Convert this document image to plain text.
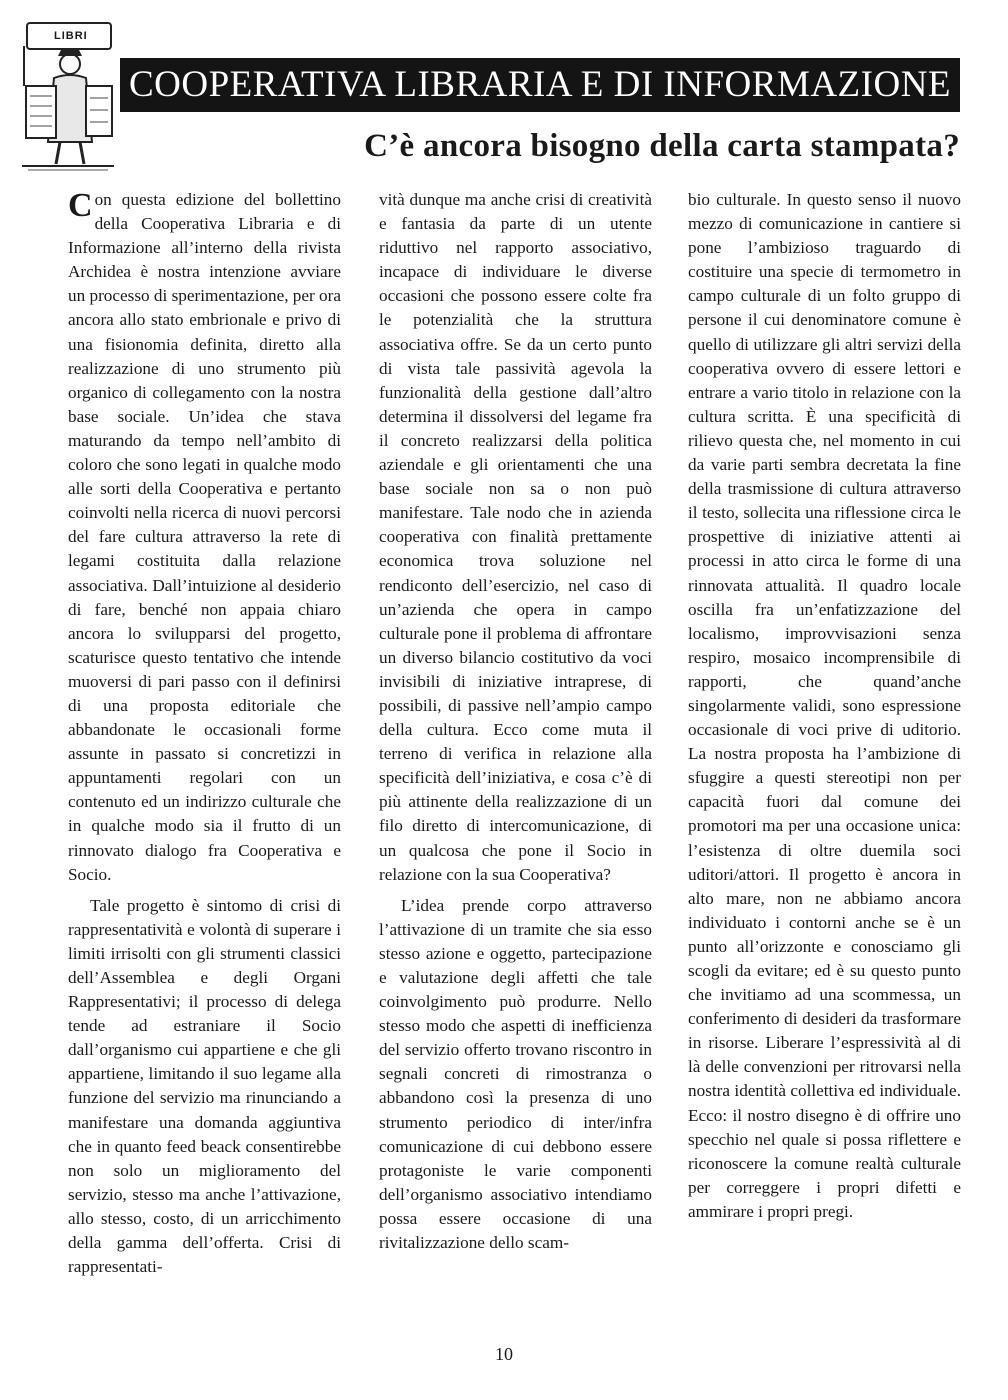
LIBRI
COOPERATIVA LIBRARIA E DI INFORMAZIONE
C’è ancora bisogno della carta stampata?

Con questa edizione del bollettino della Cooperativa Libraria e di Informazione all’interno della rivista Archidea è nostra intenzione avviare un processo di sperimentazione, per ora ancora allo stato embrionale e privo di una fisionomia definita, diretto alla realizzazione di uno strumento più organico di collegamento con la nostra base sociale. Un’idea che stava maturando da tempo nell’ambito di coloro che sono legati in qualche modo alle sorti della Cooperativa e pertanto coinvolti nella ricerca di nuovi percorsi del fare cultura attraverso la rete di legami costituita dalla relazione associativa. Dall’intuizione al desiderio di fare, benché non appaia chiaro ancora lo svilupparsi del progetto, scaturisce questo tentativo che intende muoversi di pari passo con il definirsi di una proposta editoriale che abbandonate le occasionali forme assunte in passato si concretizzi in appuntamenti regolari con un contenuto ed un indirizzo culturale che in qualche modo sia il frutto di un rinnovato dialogo fra Cooperativa e Socio.

Tale progetto è sintomo di crisi di rappresentatività e volontà di superare i limiti irrisolti con gli strumenti classici dell’Assemblea e degli Organi Rappresentativi; il processo di delega tende ad estraniare il Socio dall’organismo cui appartiene e che gli appartiene, limitando il suo legame alla funzione del servizio ma rinunciando a manifestare una domanda aggiuntiva che in quanto feed beack consentirebbe non solo un miglioramento del servizio, stesso ma anche l’attivazione, allo stesso, costo, di un arricchimento della gamma dell’offerta. Crisi di rappresentati-

vità dunque ma anche crisi di creatività e fantasia da parte di un utente riduttivo nel rapporto associativo, incapace di individuare le diverse occasioni che possono essere colte fra le potenzialità che la struttura associativa offre. Se da un certo punto di vista tale passività agevola la funzionalità della gestione dall’altro determina il dissolversi del legame fra il concreto realizzarsi della politica aziendale e gli orientamenti che una base sociale non sa o non può manifestare. Tale nodo che in azienda cooperativa con finalità prettamente economica trova soluzione nel rendiconto dell’esercizio, nel caso di un’azienda che opera in campo culturale pone il problema di affrontare un diverso bilancio costitutivo da voci invisibili di iniziative intraprese, di possibili, di passive nell’ampio campo della cultura. Ecco come muta il terreno di verifica in relazione alla specificità dell’iniziativa, e cosa c’è di più attinente della realizzazione di un filo diretto di intercomunicazione, di un qualcosa che pone il Socio in relazione con la sua Cooperativa?

L’idea prende corpo attraverso l’attivazione di un tramite che sia esso stesso azione e oggetto, partecipazione e valutazione degli affetti che tale coinvolgimento può produrre. Nello stesso modo che aspetti di inefficienza del servizio offerto trovano riscontro in segnali concreti di rimostranza o abbandono così la presenza di uno strumento periodico di inter/infra comunicazione di cui debbono essere protagoniste le varie componenti dell’organismo associativo intendiamo possa essere occasione di una rivitalizzazione dello scam-

bio culturale. In questo senso il nuovo mezzo di comunicazione in cantiere si pone l’ambizioso traguardo di costituire una specie di termometro in campo culturale di un folto gruppo di persone il cui denominatore comune è quello di utilizzare gli altri servizi della cooperativa ovvero di essere lettori e entrare a vario titolo in relazione con la cultura scritta. È una specificità di rilievo questa che, nel momento in cui da varie parti sembra decretata la fine della trasmissione di cultura attraverso il testo, sollecita una riflessione circa le prospettive di iniziative attenti ai processi in atto circa le forme di una rinnovata attualità. Il quadro locale oscilla fra un’enfatizzazione del localismo, improvvisazioni senza respiro, mosaico incomprensibile di rapporti, che quand’anche singolarmente validi, sono espressione occasionale di voci prive di uditorio. La nostra proposta ha l’ambizione di sfuggire a questi stereotipi non per capacità fuori dal comune dei promotori ma per una occasione unica: l’esistenza di oltre duemila soci uditori/attori. Il progetto è ancora in alto mare, non ne abbiamo ancora individuato i contorni anche se è un punto all’orizzonte e conosciamo gli scogli da evitare; ed è su questo punto che invitiamo ad una scommessa, un conferimento di desideri da trasformare in risorse. Liberare l’espressività al di là delle convenzioni per ritrovarsi nella nostra identità collettiva ed individuale. Ecco: il nostro disegno è di offrire uno specchio nel quale si possa riflettere e riconoscere la comune realtà culturale per correggere i propri difetti e ammirare i propri pregi.

10
